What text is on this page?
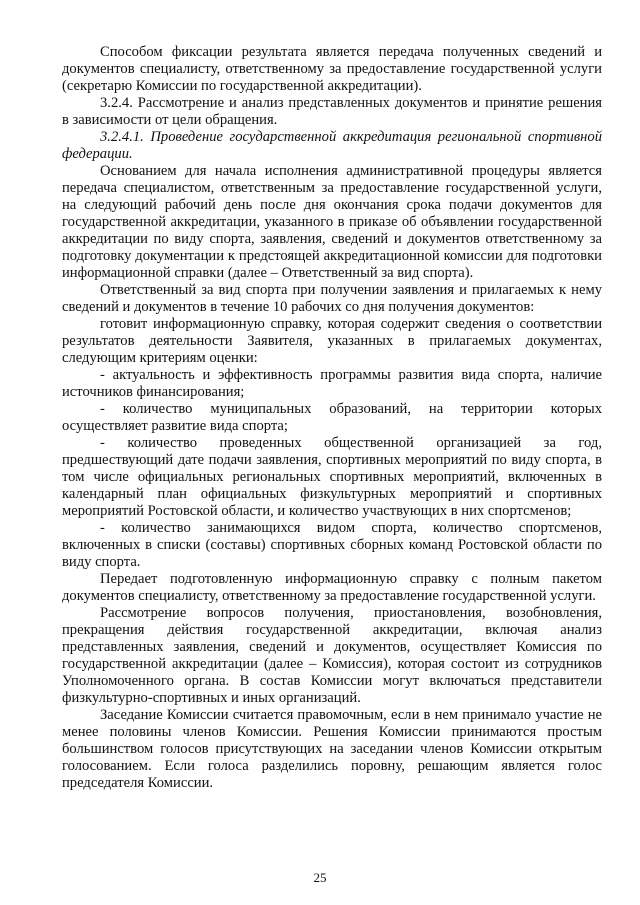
Способом фиксации результата является передача полученных сведений и документов специалисту, ответственному за предоставление государственной услуги (секретарю Комиссии по государственной аккредитации).

3.2.4. Рассмотрение и анализ представленных документов и принятие решения в зависимости от цели обращения.

3.2.4.1. Проведение государственной аккредитация региональной спортивной федерации.

Основанием для начала исполнения административной процедуры является передача специалистом, ответственным за предоставление государственной услуги, на следующий рабочий день после дня окончания срока подачи документов для государственной аккредитации, указанного в приказе об объявлении государственной аккредитации по виду спорта, заявления, сведений и документов ответственному за подготовку документации к предстоящей аккредитационной комиссии для подготовки информационной справки (далее – Ответственный за вид спорта).

Ответственный за вид спорта при получении заявления и прилагаемых к нему сведений и документов в течение 10 рабочих со дня получения документов:

готовит информационную справку, которая содержит сведения о соответствии результатов деятельности Заявителя, указанных в прилагаемых документах, следующим критериям оценки:

- актуальность и эффективность программы развития вида спорта, наличие источников финансирования;

- количество муниципальных образований, на территории которых осуществляет развитие вида спорта;

- количество проведенных общественной организацией за год, предшествующий дате подачи заявления, спортивных мероприятий по виду спорта, в том числе официальных региональных спортивных мероприятий, включенных в календарный план официальных физкультурных мероприятий и спортивных мероприятий Ростовской области, и количество участвующих в них спортсменов;

- количество занимающихся видом спорта, количество спортсменов, включенных в списки (составы) спортивных сборных команд Ростовской области по виду спорта.

Передает подготовленную информационную справку с полным пакетом документов специалисту, ответственному за предоставление государственной услуги.

Рассмотрение вопросов получения, приостановления, возобновления, прекращения действия государственной аккредитации, включая анализ представленных заявления, сведений и документов, осуществляет Комиссия по государственной аккредитации (далее – Комиссия), которая состоит из сотрудников Уполномоченного органа. В состав Комиссии могут включаться представители физкультурно-спортивных и иных организаций.

Заседание Комиссии считается правомочным, если в нем принимало участие не менее половины членов Комиссии. Решения Комиссии принимаются простым большинством голосов присутствующих на заседании членов Комиссии открытым голосованием. Если голоса разделились поровну, решающим является голос председателя Комиссии.

25
